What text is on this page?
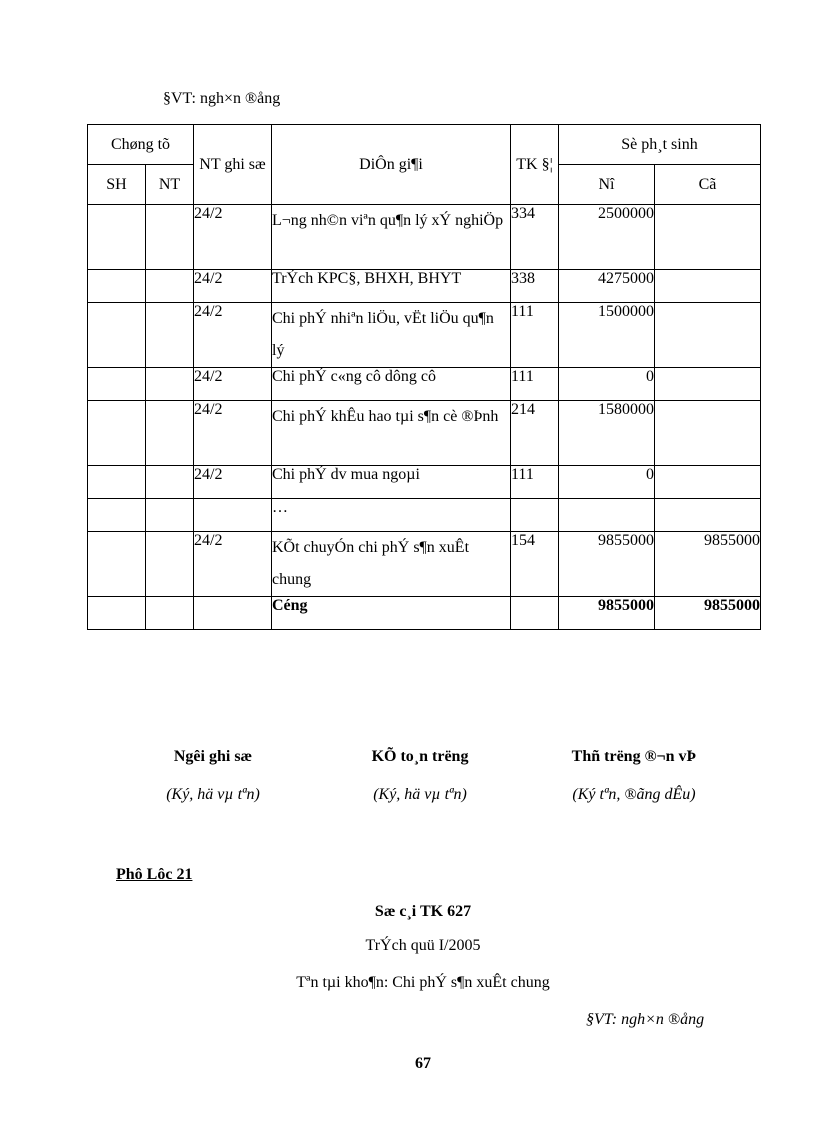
§VT: ngh×n ®ång
Chøng tõ		NT ghi sæ	DiÔn gi¶i	TK §¦	Sè ph¸t sinh	
SH	NT				Nî	Cã
		24/2	L¬ng nh©n viªn qu¶n lý xÝ nghiÖp	334	2500000	
		24/2	TrÝch KPC§, BHXH, BHYT	338	4275000	
		24/2	Chi phÝ nhiªn liÖu, vËt liÖu qu¶n lý	111	1500000	
		24/2	Chi phÝ c«ng cô dông cô	111	0	
		24/2	Chi phÝ khÊu hao tµi s¶n cè ®Þnh	214	1580000	
		24/2	Chi phÝ dv mua ngoµi	111	0	
			…			
		24/2	KÕt chuyÓn chi phÝ s¶n xuÊt chung	154	9855000	9855000
			Céng		9855000	9855000
Ngêi ghi sæ
(Ký, hä vµ tªn)
KÕ to¸n trëng
(Ký, hä vµ tªn)
Thñ trëng ®¬n vÞ
(Ký tªn, ®ãng dÊu)
Phô Lôc 21
Sæ c¸i TK 627
TrÝch quü I/2005
Tªn tµi kho¶n: Chi phÝ s¶n xuÊt chung
§VT: ngh×n ®ång
67
